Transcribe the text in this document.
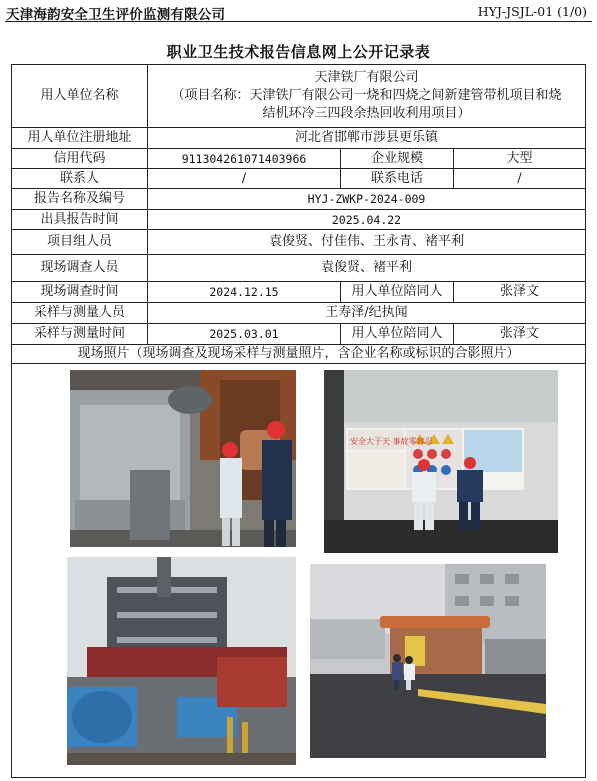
天津海韵安全卫生评价监测有限公司	HYJ-JSJL-01 (1/0)
职业卫生技术报告信息网上公开记录表
用人单位名称	天津铁厂有限公司
（项目名称：天津铁厂有限公司一烧和四烧之间新建管带机项目和烧
结机环冷三四段余热回收利用项目）		

用人单位注册地址	河北省邯郸市涉县更乐镇		
信用代码	911304261071403966	企业规模	大型
联系人	/	联系电话	/
报告名称及编号	HYJ-ZWKP-2024-009		
出具报告时间	2025.04.22		
项目组人员	袁俊贤、付佳伟、王永青、褚平利		
现场调查人员	袁俊贤、褚平利		
现场调查时间	2024.12.15	用人单位陪同人	张泽文
采样与测量人员	王寿泽/纪执闻		
采样与测量时间	2025.03.01	用人单位陪同人	张泽文
现场照片（现场调查及现场采样与测量照片，含企业名称或标识的合影照片）			

安全大于天 事故零容忍			
